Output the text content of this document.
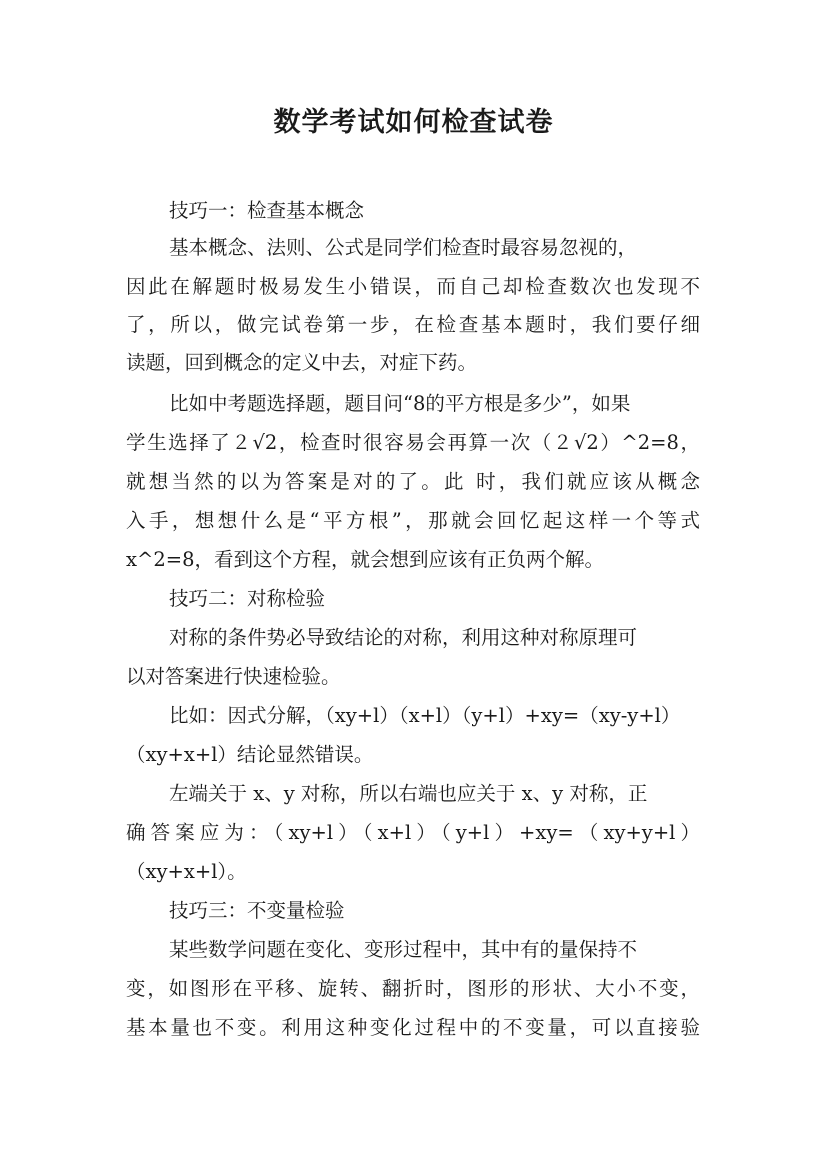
数学考试如何检查试卷
技巧一：检查基本概念
基本概念、法则、公式是同学们检查时最容易忽视的，
因此在解题时极易发生小错误，而自己却检查数次也发现不
了，所以，做完试卷第一步，在检查基本题时，我们要仔细
读题，回到概念的定义中去，对症下药。
比如中考题选择题，题目问“8的平方根是多少”，如果
学生选择了２√2，检查时很容易会再算一次（２√2）^2=8，
就想当然的以为答案是对的了。此 时，我们就应该从概念
入手，想想什么是“平方根”，那就会回忆起这样一个等式
x^2=8，看到这个方程，就会想到应该有正负两个解。
技巧二：对称检验
对称的条件势必导致结论的对称，利用这种对称原理可
以对答案进行快速检验。
比如：因式分解，（xy+l）（x+l）（y+l）+xy=（xy-y+l）
（xy+x+l）结论显然错误。
左端关于 x、y 对称，所以右端也应关于 x、y 对称，正
确答案应为：（xy+l）（x+l）（y+l）+xy=（xy+y+l）
（xy+x+l）。
技巧三：不变量检验
某些数学问题在变化、变形过程中，其中有的量保持不
变，如图形在平移、旋转、翻折时，图形的形状、大小不变，
基本量也不变。利用这种变化过程中的不变量，可以直接验
